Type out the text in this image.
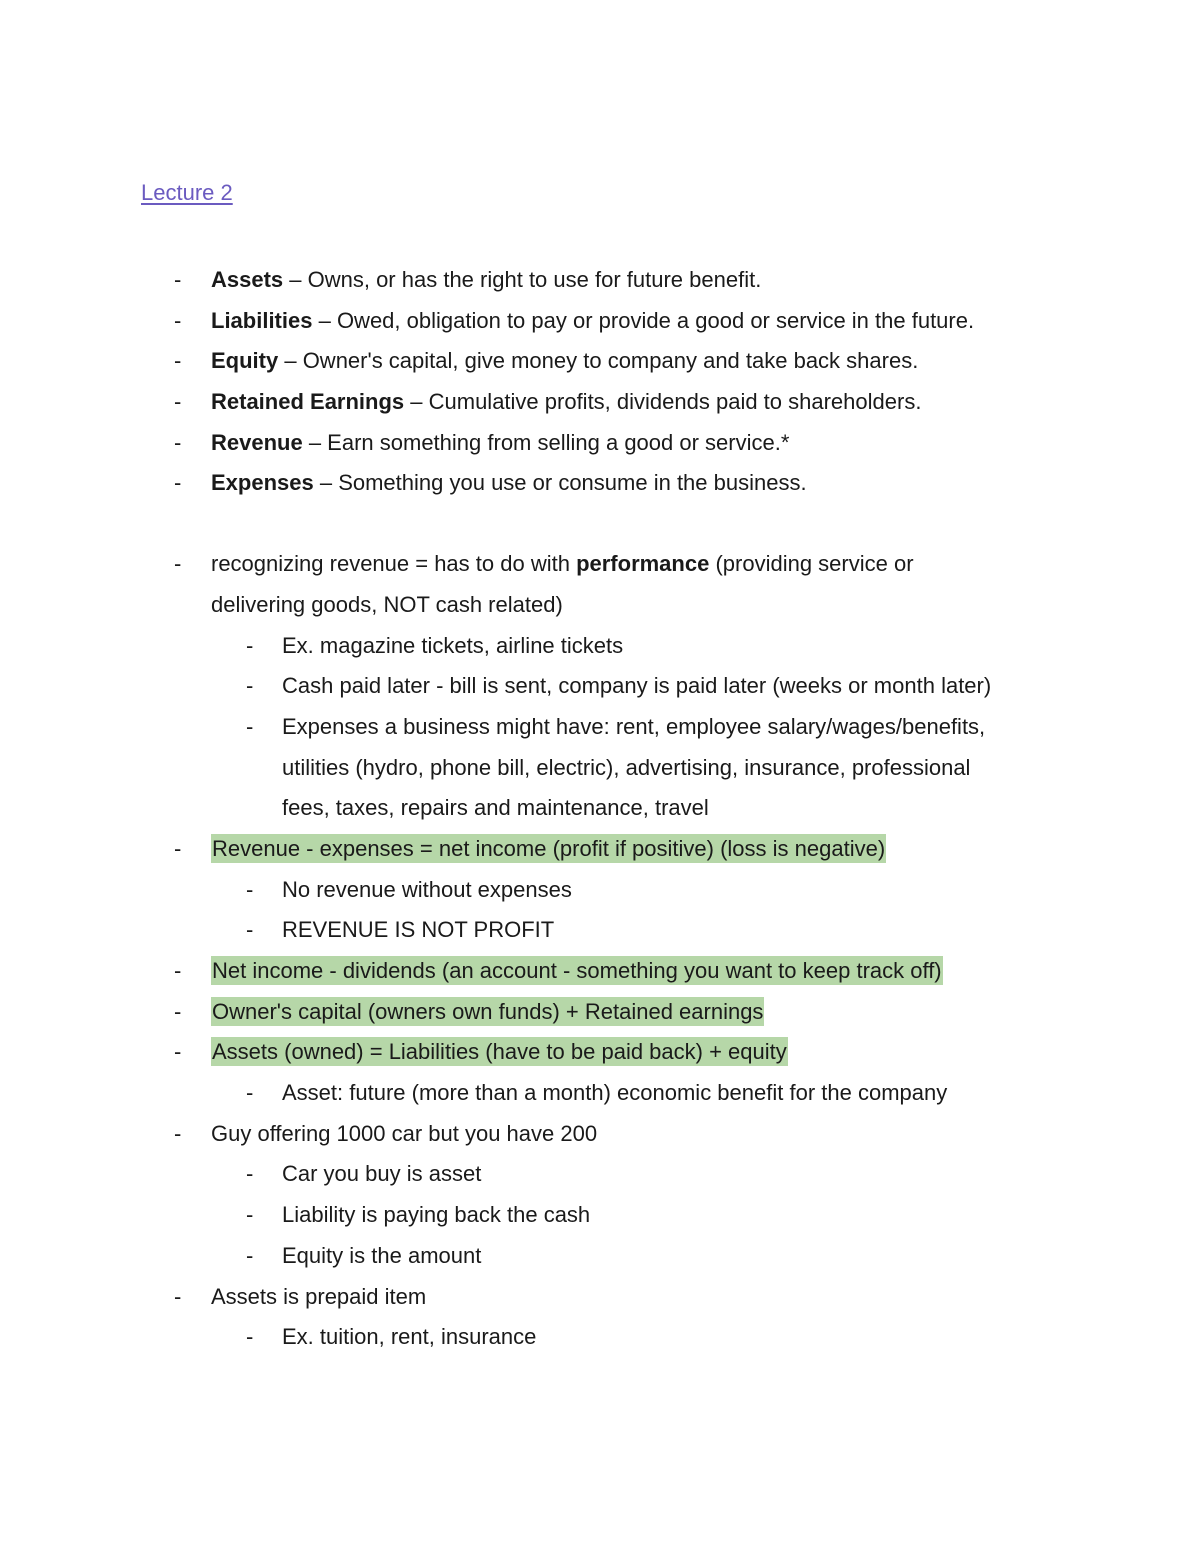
Lecture 2
-	Assets – Owns, or has the right to use for future benefit.
-	Liabilities – Owed, obligation to pay or provide a good or service in the future.
-	Equity – Owner's capital, give money to company and take back shares.
-	Retained Earnings – Cumulative profits, dividends paid to shareholders.
-	Revenue – Earn something from selling a good or service.*
-	Expenses – Something you use or consume in the business.
-	recognizing revenue = has to do with performance (providing service or
delivering goods, NOT cash related)
-	Ex. magazine tickets, airline tickets
-	Cash paid later - bill is sent, company is paid later (weeks or month later)
-	Expenses a business might have: rent, employee salary/wages/benefits,
utilities (hydro, phone bill, electric), advertising, insurance, professional
fees, taxes, repairs and maintenance, travel
-	Revenue - expenses = net income (profit if positive) (loss is negative)
-	No revenue without expenses
-	REVENUE IS NOT PROFIT
-	Net income - dividends (an account - something you want to keep track off)
-	Owner's capital (owners own funds) + Retained earnings
-	Assets (owned) = Liabilities (have to be paid back) + equity
-	Asset: future (more than a month) economic benefit for the company
-	Guy offering 1000 car but you have 200
-	Car you buy is asset
-	Liability is paying back the cash
-	Equity is the amount
-	Assets is prepaid item
-	Ex. tuition, rent, insurance
